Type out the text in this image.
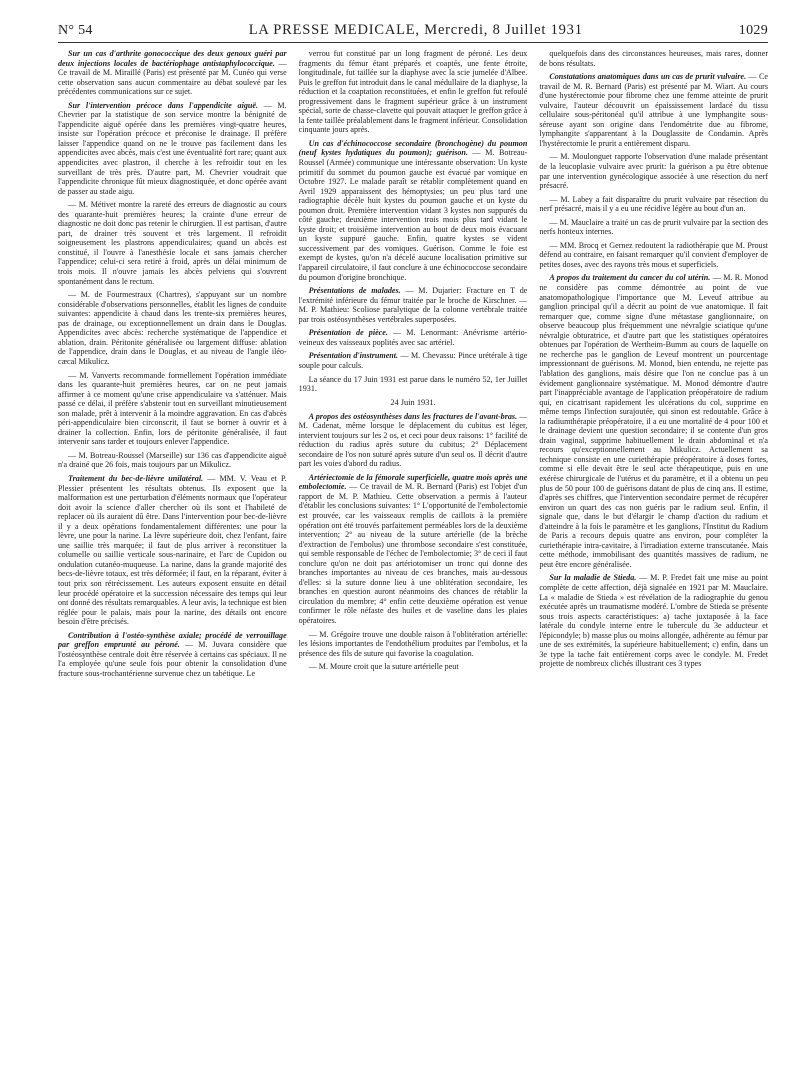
N° 54	LA PRESSE MEDICALE, Mercredi, 8 Juillet 1931	1029

Sur un cas d'arthrite gonococcique des deux genoux guéri par deux injections locales de bactériophage antistaphylococcique. — Ce travail de M. Miraillé (Paris) est présenté par M. Cunéo qui verse cette observation sans aucun commentaire au débat soulevé par les précédentes communications sur ce sujet.

Sur l'intervention précoce dans l'appendicite aiguë. — M. Chevrier par la statistique de son service montre la bénignité de l'appendicite aiguë opérée dans les premières vingt-quatre heures, insiste sur l'opération précoce et préconise le drainage. Il préfère laisser l'appendice quand on ne le trouve pas facilement dans les appendicites avec abcès, mais c'est une éventualité fort rare; quant aux appendicites avec plastron, il cherche à les refroidir tout en les surveillant de très près. D'autre part, M. Chevrier voudrait que l'appendicite chronique fût mieux diagnostiquée, et donc opérée avant de passer au stade aigu.

— M. Métivet montre la rareté des erreurs de diagnostic au cours des quarante-huit premières heures; la crainte d'une erreur de diagnostic ne doit donc pas retenir le chirurgien. Il est partisan, d'autre part, de drainer très souvent et très largement. Il refroidit soigneusement les plastrons appendiculaires; quand un abcès est constitué, il l'ouvre à l'anesthésie locale et sans jamais chercher l'appendice; celui-ci sera retiré à froid, après un délai minimum de trois mois. Il n'ouvre jamais les abcès pelviens qui s'ouvrent spontanément dans le rectum.

— M. de Fourmestraux (Chartres), s'appuyant sur un nombre considérable d'observations personnelles, établit les lignes de conduite suivantes: appendicite à chaud dans les trente-six premières heures, pas de drainage, ou exceptionnellement un drain dans le Douglas. Appendicites avec abcès: recherche systématique de l'appendice et ablation, drain. Péritonite généralisée ou largement diffuse: ablation de l'appendice, drain dans le Douglas, et au niveau de l'angle iléo-cæcal Mikulicz.

— M. Vanverts recommande formellement l'opération immédiate dans les quarante-huit premières heures, car on ne peut jamais affirmer à ce moment qu'une crise appendiculaire va s'atténuer. Mais passé ce délai, il préfère s'abstenir tout en surveillant minutieusement son malade, prêt à intervenir à la moindre aggravation. En cas d'abcès péri-appendiculaire bien circonscrit, il faut se borner à ouvrir et à drainer la collection. Enfin, lors de péritonite généralisée, il faut intervenir sans tarder et toujours enlever l'appendice.

— M. Botreau-Roussel (Marseille) sur 136 cas d'appendicite aiguë n'a drainé que 26 fois, mais toujours par un Mikulicz.

Traitement du bec-de-lièvre unilatéral. — MM. V. Veau et P. Plessier présentent les résultats obtenus. Ils exposent que la malformation est une perturbation d'éléments normaux que l'opérateur doit avoir la science d'aller chercher où ils sont et l'habileté de replacer où ils auraient dû être. Dans l'intervention pour bec-de-lièvre il y a deux opérations fondamentalement différentes: une pour la lèvre, une pour la narine. La lèvre supérieure doit, chez l'enfant, faire une saillie très marquée; il faut de plus arriver à reconstituer la columelle ou saillie verticale sous-narinaire, et l'arc de Cupidon ou ondulation cutanéo-muqueuse. La narine, dans la grande majorité des becs-de-lièvre totaux, est très déformée; il faut, en la réparant, éviter à tout prix son rétrécissement. Les auteurs exposent ensuite en détail leur procédé opératoire et la succession nécessaire des temps qui leur ont donné des résultats remarquables. A leur avis, la technique est bien réglée pour le palais, mais pour la narine, des détails ont encore besoin d'être précisés.

Contribution à l'ostéo-synthèse axiale; procédé de verrouillage par greffon emprunté au péroné. — M. Juvara considère que l'ostéosynthèse centrale doit être réservée à certains cas spéciaux. Il ne l'a employée qu'une seule fois pour obtenir la consolidation d'une fracture sous-trochantérienne survenue chez un tabétique. Le

verrou fut constitué par un long fragment de péroné. Les deux fragments du fémur étant préparés et coaptés, une fente étroite, longitudinale, fut taillée sur la diaphyse avec la scie jumelée d'Albee. Puis le greffon fut introduit dans le canal médullaire de la diaphyse, la réduction et la coaptation reconstituées, et enfin le greffon fut refoulé progressivement dans le fragment supérieur grâce à un instrument spécial, sorte de chasse-clavette qui pouvait attaquer le greffon grâce à la fente taillée préalablement dans le fragment inférieur. Consolidation cinquante jours après.

Un cas d'échinococcose secondaire (bronchogène) du poumon (neuf kystes hydatiques du poumon); guérison. — M. Botreau-Roussel (Armée) communique une intéressante observation: Un kyste primitif du sommet du poumon gauche est évacué par vomique en Octobre 1927. Le malade paraît se rétablir complètement quand en Avril 1929 apparaissent des hémoptysies; un peu plus tard une radiographie décèle huit kystes du poumon gauche et un kyste du poumon droit. Première intervention vidant 3 kystes non suppurés du côté gauche; deuxième intervention trois mois plus tard vidant le kyste droit; et troisième intervention au bout de deux mois évacuant un kyste suppuré gauche. Enfin, quatre kystes se vident successivement par des vomiques. Guérison. Comme le foie est exempt de kystes, qu'on n'a décelé aucune localisation primitive sur l'appareil circulatoire, il faut conclure à une échinococcose secondaire du poumon d'origine bronchique.

Présentations de malades. — M. Dujarier: Fracture en T de l'extrémité inférieure du fémur traitée par le broche de Kirschner. — M. P. Mathieu: Scoliose paralytique de la colonne vertébrale traitée par trois ostéosynthèses vertébrales superposées.

Présentation de pièce. — M. Lenormant: Anévrisme artério-veineux des vaisseaux poplités avec sac artériel.

Présentation d'instrument. — M. Chevassu: Pince urétérale à tige souple pour calculs.

La séance du 17 Juin 1931 est parue dans le numéro 52, 1er Juillet 1931.

24 Juin 1931.

A propos des ostéosynthèses dans les fractures de l'avant-bras. — M. Cadenat, même lorsque le déplacement du cubitus est léger, intervient toujours sur les 2 os, et ceci pour deux raisons: 1° facilité de réduction du radius après suture du cubitus; 2° Déplacement secondaire de l'os non suturé après suture d'un seul os. Il décrit d'autre part les voies d'abord du radius.

Artériectomie de la fémorale superficielle, quatre mois après une embolectomie. — Ce travail de M. R. Bernard (Paris) est l'objet d'un rapport de M. P. Mathieu. Cette observation a permis à l'auteur d'établir les conclusions suivantes: 1° L'opportunité de l'embolectomie est prouvée, car les vaisseaux remplis de caillots à la première opération ont été trouvés parfaitement perméables lors de la deuxième intervention; 2° au niveau de la suture artérielle (de la brèche d'extraction de l'embolus) une thrombose secondaire s'est constituée, qui semble responsable de l'échec de l'embolectomie; 3° de ceci il faut conclure qu'on ne doit pas artériotomiser un tronc qui donne des branches importantes au niveau de ces branches, mais au-dessous d'elles: si la suture donne lieu à une oblitération secondaire, les branches en question auront néanmoins des chances de rétablir la circulation du membre; 4° enfin cette deuxième opération est venue confirmer le rôle néfaste des huiles et de vaseline dans les plaies opératoires.

— M. Grégoire trouve une double raison à l'oblitération artérielle: les lésions importantes de l'endothélium produites par l'embolus, et la présence des fils de suture qui favorise la coagulation.

— M. Moure croit que la suture artérielle peut

quelquefois dans des circonstances heureuses, mais rares, donner de bons résultats.

Constatations anatomiques dans un cas de prurit vulvaire. — Ce travail de M. R. Bernard (Paris) est présenté par M. Wiart. Au cours d'une hystérectomie pour fibrome chez une femme atteinte de prurit vulvaire, l'auteur découvrit un épaississement lardacé du tissu cellulaire sous-péritonéal qu'il attribue à une lymphangite sous-séreuse ayant son origine dans l'endométrite due au fibrome, lymphangite s'apparentant à la Douglassite de Condamin. Après l'hystérectomie le prurit a entièrement disparu.

— M. Moulonguet rapporte l'observation d'une malade présentant de la leucoplasie vulvaire avec prurit: la guérison a pu être obtenue par une intervention gynécologique associée à une résection du nerf présacré.

— M. Labey a fait disparaître du prurit vulvaire par résection du nerf présacré, mais il y a eu une récidive légère au bout d'un an.

— M. Mauclaire a traité un cas de prurit vulvaire par la section des nerfs honteux internes.

— MM. Brocq et Gernez redoutent la radiothérapie que M. Proust défend au contraire, en faisant remarquer qu'il convient d'employer de petites doses, avec des rayons très mous et superficiels.

A propos du traitement du cancer du col utérin. — M. R. Monod ne considère pas comme démontrée au point de vue anatomopathologique l'importance que M. Leveuf attribue au ganglion principal qu'il a décrit au point de vue anatomique. Il fait remarquer que, comme signe d'une métastase ganglionnaire, on observe beaucoup plus fréquemment une névralgie sciatique qu'une névralgie obturatrice, et d'autre part que les statistiques opératoires obtenues par l'opération de Wertheim-Bumm au cours de laquelle on ne recherche pas le ganglion de Leveuf montrent un pourcentage impressionnant de guérisons. M. Monod, bien entendu, ne rejette pas l'ablation des ganglions, mais désire que l'on ne conclue pas à un évidement ganglionnaire systématique. M. Monod démontre d'autre part l'inappréciable avantage de l'application préopératoire de radium qui, en cicatrisant rapidement les ulcérations du col, supprime en même temps l'infection surajoutée, qui sinon est redoutable. Grâce à la radiumthérapie préopératoire, il a eu une mortalité de 4 pour 100 et le drainage devient une question secondaire; il se contente d'un gros drain vaginal, supprime habituellement le drain abdominal et n'a recours qu'exceptionnellement au Mikulicz. Actuellement sa technique consiste en une curiethérapie préopératoire à doses fortes, comme si elle devait être le seul acte thérapeutique, puis en une exérèse chirurgicale de l'utérus et du paramètre, et il a obtenu un peu plus de 50 pour 100 de guérisons datant de plus de cinq ans. Il estime, d'après ses chiffres, que l'intervention secondaire permet de récupérer environ un quart des cas non guéris par le radium seul. Enfin, il signale que, dans le but d'élargir le champ d'action du radium et d'atteindre à la fois le paramètre et les ganglions, l'Institut du Radium de Paris a recours depuis quatre ans environ, pour compléter la curiethérapie intra-cavitaire, à l'irradiation externe transcutanée. Mais cette méthode, immobilisant des quantités massives de radium, ne peut être encore généralisée.

Sur la maladie de Stieda. — M. P. Fredet fait une mise au point complète de cette affection, déjà signalée en 1921 par M. Mauclaire. La « maladie de Stieda » est révélation de la radiographie du genou exécutée après un traumatisme modéré. L'ombre de Stieda se présente sous trois aspects caractéristiques: a) tache juxtaposée à la face latérale du condyle interne entre le tubercule du 3e adducteur et l'épicondyle; b) masse plus ou moins allongée, adhérente au fémur par une de ses extrémités, la supérieure habituellement; c) enfin, dans un 3e type la tache fait entièrement corps avec le condyle. M. Fredet projette de nombreux clichés illustrant ces 3 types
